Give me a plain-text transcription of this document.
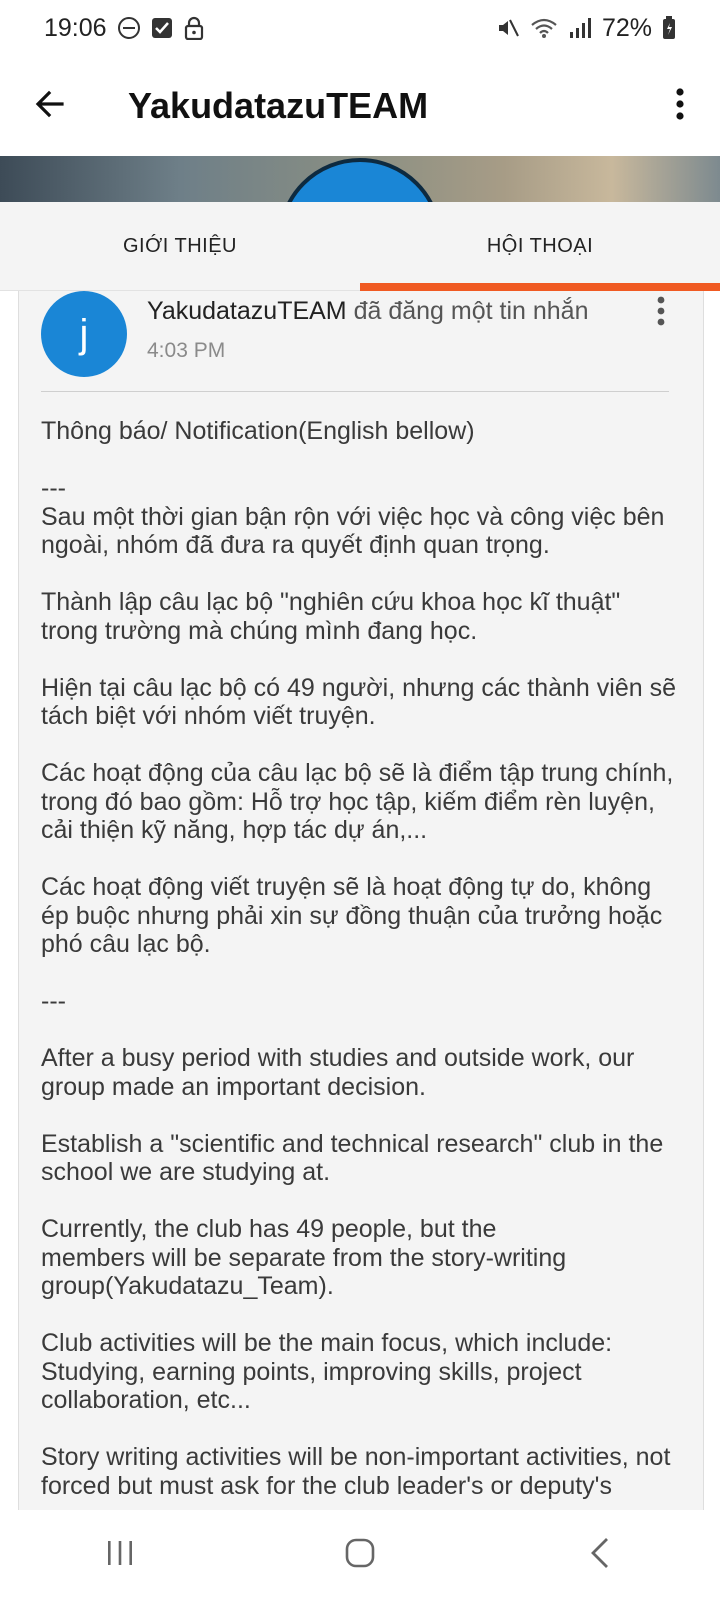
19:06	72%
YakudatazuTEAM
GIỚI THIỆU	HỘI THOẠI
j
YakudatazuTEAM đã đăng một tin nhắn
4:03 PM

Thông báo/ Notification(English bellow)

---
Sau một thời gian bận rộn với việc học và công việc bên ngoài, nhóm đã đưa ra quyết định quan trọng.

Thành lập câu lạc bộ "nghiên cứu khoa học kĩ thuật" trong trường mà chúng mình đang học.

Hiện tại câu lạc bộ có 49 người, nhưng các thành viên sẽ tách biệt với nhóm viết truyện.

Các hoạt động của câu lạc bộ sẽ là điểm tập trung chính, trong đó bao gồm: Hỗ trợ học tập, kiếm điểm rèn luyện, cải thiện kỹ năng, hợp tác dự án,...

Các hoạt động viết truyện sẽ là hoạt động tự do, không ép buộc nhưng phải xin sự đồng thuận của trưởng hoặc phó câu lạc bộ.

---

After a busy period with studies and outside work, our group made an important decision.

Establish a "scientific and technical research" club in the school we are studying at.

Currently, the club has 49 people, but the
members will be separate from the story-writing group(Yakudatazu_Team).

Club activities will be the main focus, which include: Studying, earning points, improving skills, project collaboration, etc...

Story writing activities will be non-important activities, not forced but must ask for the club leader's or deputy's
